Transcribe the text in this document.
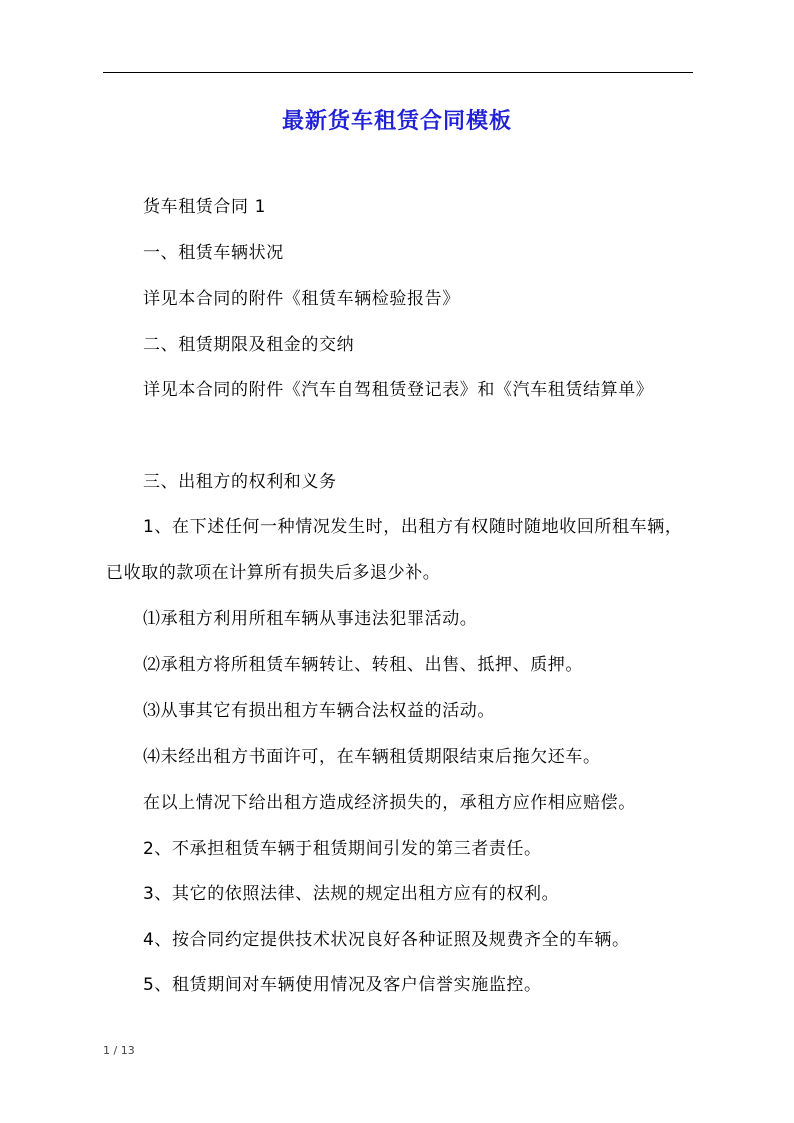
最新货车租赁合同模板
货车租赁合同 1
一、租赁车辆状况
详见本合同的附件《租赁车辆检验报告》
二、租赁期限及租金的交纳
详见本合同的附件《汽车自驾租赁登记表》和《汽车租赁结算单》
三、出租方的权利和义务
1、在下述任何一种情况发生时，出租方有权随时随地收回所租车辆，已收取的款项在计算所有损失后多退少补。
⑴承租方利用所租车辆从事违法犯罪活动。
⑵承租方将所租赁车辆转让、转租、出售、抵押、质押。
⑶从事其它有损出租方车辆合法权益的活动。
⑷未经出租方书面许可，在车辆租赁期限结束后拖欠还车。
在以上情况下给出租方造成经济损失的，承租方应作相应赔偿。
2、不承担租赁车辆于租赁期间引发的第三者责任。
3、其它的依照法律、法规的规定出租方应有的权利。
4、按合同约定提供技术状况良好各种证照及规费齐全的车辆。
5、租赁期间对车辆使用情况及客户信誉实施监控。
1 / 13
